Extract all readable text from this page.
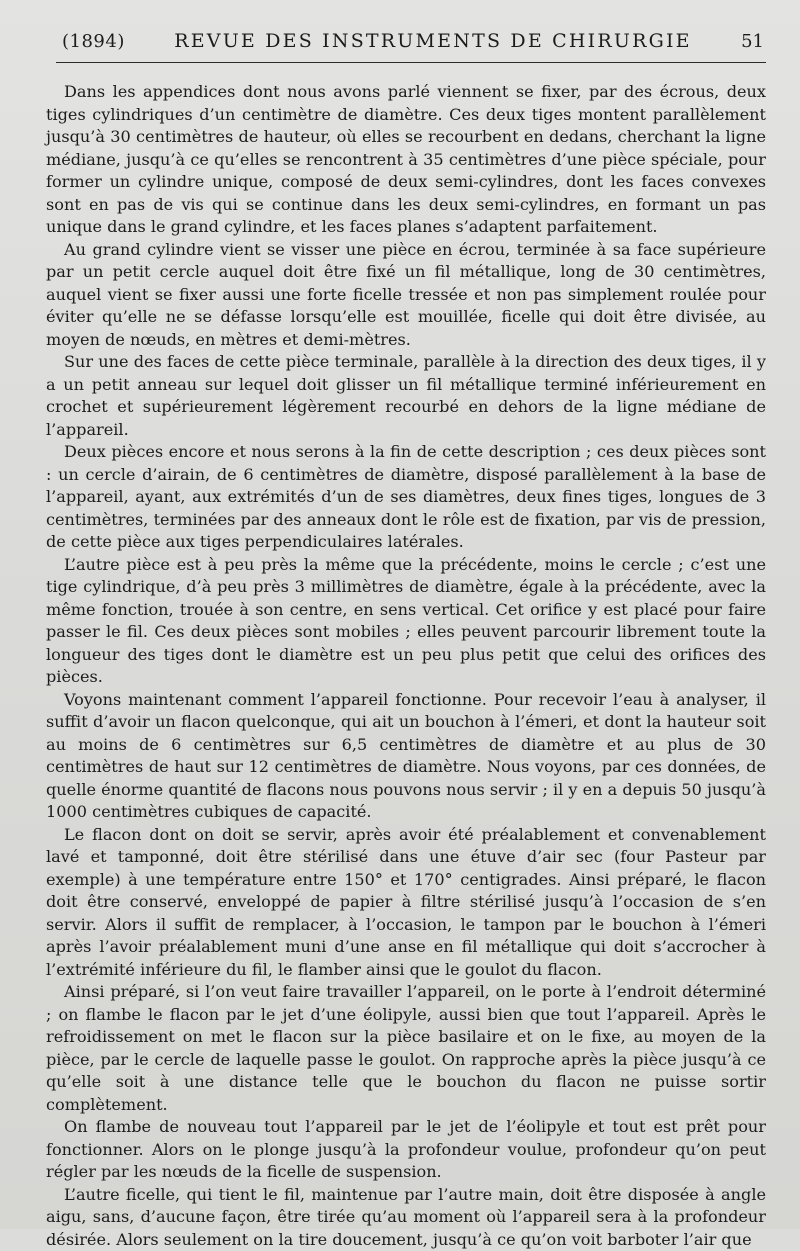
(1894)	REVUE DES INSTRUMENTS DE CHIRURGIE	51

Dans les appendices dont nous avons parlé viennent se fixer, par des écrous, deux tiges cylindriques d’un centimètre de diamètre. Ces deux tiges montent parallèlement jusqu’à 30 centimètres de hauteur, où elles se recourbent en dedans, cherchant la ligne médiane, jusqu’à ce qu’elles se rencontrent à 35 centimètres d’une pièce spéciale, pour former un cylindre unique, composé de deux semi-cylindres, dont les faces convexes sont en pas de vis qui se continue dans les deux semi-cylindres, en formant un pas unique dans le grand cylindre, et les faces planes s’adaptent parfaitement.

Au grand cylindre vient se visser une pièce en écrou, terminée à sa face supérieure par un petit cercle auquel doit être fixé un fil métallique, long de 30 centimètres, auquel vient se fixer aussi une forte ficelle tressée et non pas simplement roulée pour éviter qu’elle ne se défasse lorsqu’elle est mouillée, ficelle qui doit être divisée, au moyen de nœuds, en mètres et demi-mètres.

Sur une des faces de cette pièce terminale, parallèle à la direction des deux tiges, il y a un petit anneau sur lequel doit glisser un fil métallique terminé inférieurement en crochet et supérieurement légèrement recourbé en dehors de la ligne médiane de l’appareil.

Deux pièces encore et nous serons à la fin de cette description ; ces deux pièces sont : un cercle d’airain, de 6 centimètres de diamètre, disposé parallèlement à la base de l’appareil, ayant, aux extrémités d’un de ses diamètres, deux fines tiges, longues de 3 centimètres, terminées par des anneaux dont le rôle est de fixation, par vis de pression, de cette pièce aux tiges perpendiculaires latérales.

L’autre pièce est à peu près la même que la précédente, moins le cercle ; c’est une tige cylindrique, d’à peu près 3 millimètres de diamètre, égale à la précédente, avec la même fonction, trouée à son centre, en sens vertical. Cet orifice y est placé pour faire passer le fil. Ces deux pièces sont mobiles ; elles peuvent parcourir librement toute la longueur des tiges dont le diamètre est un peu plus petit que celui des orifices des pièces.

Voyons maintenant comment l’appareil fonctionne. Pour recevoir l’eau à analyser, il suffit d’avoir un flacon quelconque, qui ait un bouchon à l’émeri, et dont la hauteur soit au moins de 6 centimètres sur 6,5 centimètres de diamètre et au plus de 30 centimètres de haut sur 12 centimètres de diamètre. Nous voyons, par ces données, de quelle énorme quantité de flacons nous pouvons nous servir ; il y en a depuis 50 jusqu’à 1000 centimètres cubiques de capacité.

Le flacon dont on doit se servir, après avoir été préalablement et convenablement lavé et tamponné, doit être stérilisé dans une étuve d’air sec (four Pasteur par exemple) à une température entre 150° et 170° centigrades. Ainsi préparé, le flacon doit être conservé, enveloppé de papier à filtre stérilisé jusqu’à l’occasion de s’en servir. Alors il suffit de remplacer, à l’occasion, le tampon par le bouchon à l’émeri après l’avoir préalablement muni d’une anse en fil métallique qui doit s’accrocher à l’extrémité inférieure du fil, le flamber ainsi que le goulot du flacon.

Ainsi préparé, si l’on veut faire travailler l’appareil, on le porte à l’endroit déterminé ; on flambe le flacon par le jet d’une éolipyle, aussi bien que tout l’appareil. Après le refroidissement on met le flacon sur la pièce basilaire et on le fixe, au moyen de la pièce, par le cercle de laquelle passe le goulot. On rapproche après la pièce jusqu’à ce qu’elle soit à une distance telle que le bouchon du flacon ne puisse sortir complètement.

On flambe de nouveau tout l’appareil par le jet de l’éolipyle et tout est prêt pour fonctionner. Alors on le plonge jusqu’à la profondeur voulue, profondeur qu’on peut régler par les nœuds de la ficelle de suspension.

L’autre ficelle, qui tient le fil, maintenue par l’autre main, doit être disposée à angle aigu, sans, d’aucune façon, être tirée qu’au moment où l’appareil sera à la profondeur désirée. Alors seulement on la tire doucement, jusqu’à ce qu’on voit barboter l’air que
